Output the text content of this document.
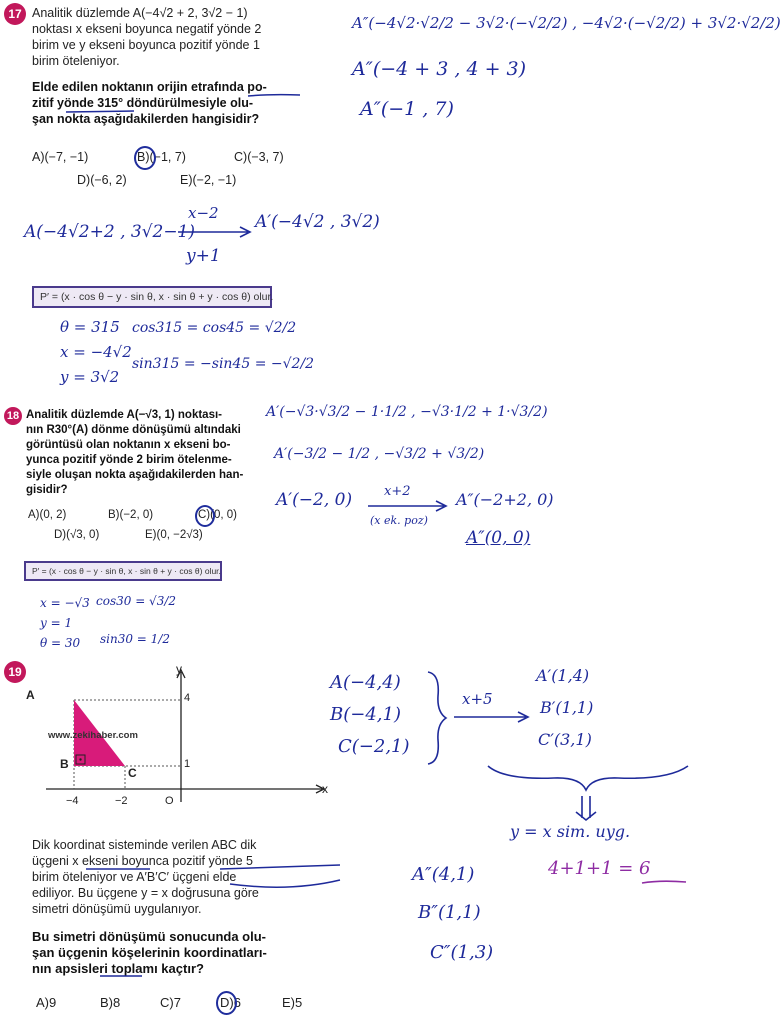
17 Analitik düzlemde A(−4√2 + 2, 3√2 − 1)
noktası x ekseni boyunca negatif yönde 2
birim ve y ekseni boyunca pozitif yönde 1
birim öteleniyor.
Elde edilen noktanın orijin etrafında po-
zitif yönde 315° döndürülmesiyle olu-
şan nokta aşağıdakilerden hangisidir?
A)(−7, −1)	B)(−1, 7)	C)(−3, 7)
D)(−6, 2)	E)(−2, −1)
A″(−4√2·√2/2 − 3√2·(−√2/2) , −4√2·(−√2/2) + 3√2·√2/2)
A″(−4 + 3 , 4 + 3)
A″(−1 , 7)
A(−4√2+2 , 3√2−1)
x−2 A′(−4√2 , 3√2)
y+1
P′ = (x · cos θ − y · sin θ, x · sin θ + y · cos θ) olur.
θ = 315
x = −4√2
y = 3√2
cos315 = cos45 = √2/2
sin315 = −sin45 = −√2/2
18 Analitik düzlemde A(−√3, 1) noktası-
nın R30°(A) dönme dönüşümü altındaki
görüntüsü olan noktanın x ekseni bo-
yunca pozitif yönde 2 birim ötelenme-
siyle oluşan nokta aşağıdakilerden han-
gisidir?
A)(0, 2)	B)(−2, 0)	C)(0, 0)
D)(√3, 0)	E)(0, −2√3)
A′(−√3·√3/2 − 1·1/2 , −√3·1/2 + 1·√3/2)
A′(−3/2 − 1/2 , −√3/2 + √3/2)
A′(−2, 0) x+2
(x ek. poz)
A″(−2+2, 0)
A″(0, 0)
P′ = (x · cos θ − y · sin θ, x · sin θ + y · cos θ) olur.
x = −√3
y = 1
θ = 30
cos30 = √3/2
sin30 = 1/2
19
A
B
C
4
1
−4	−2	O
y
x
www.zekihaber.com
Dik koordinat sisteminde verilen ABC dik
üçgeni x ekseni boyunca pozitif yönde 5
birim öteleniyor ve A′B′C′ üçgeni elde
ediliyor. Bu üçgene y = x doğrusuna göre
simetri dönüşümü uygulanıyor.
Bu simetri dönüşümü sonucunda olu-
şan üçgenin köşelerinin koordinatları-
nın apsisleri toplamı kaçtır?
A)9	B)8	C)7	D)6	E)5
A(−4,4)
B(−4,1)
C(−2,1)
x+5
A′(1,4)
B′(1,1)
C′(3,1)
y = x sim. uyg.
A″(4,1)
B″(1,1)
C″(1,3)
4+1+1 = 6
